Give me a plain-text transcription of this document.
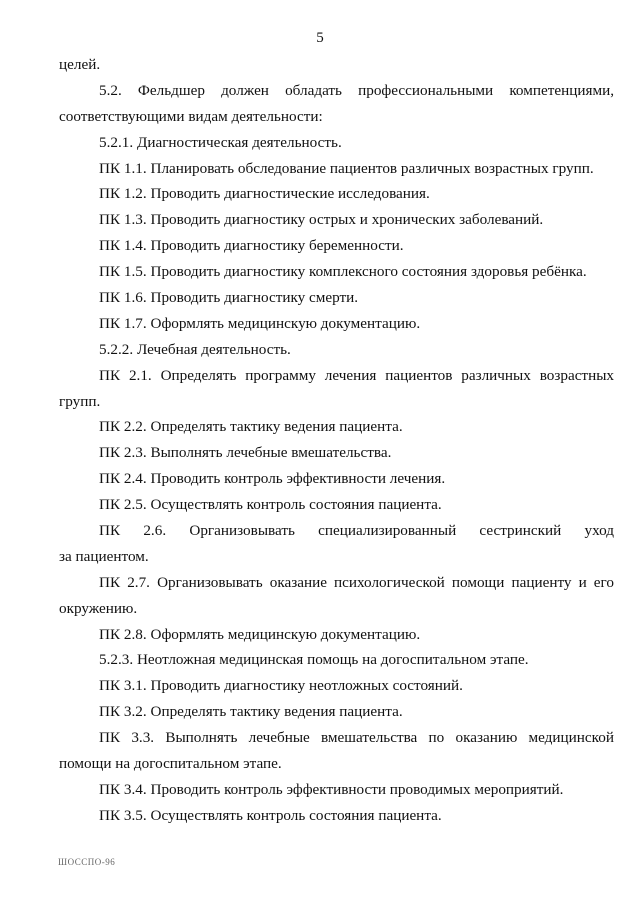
5
целей.
5.2. Фельдшер должен обладать профессиональными компетенциями,
соответствующими видам деятельности:
5.2.1. Диагностическая деятельность.
ПК 1.1. Планировать обследование пациентов различных возрастных групп.
ПК 1.2. Проводить диагностические исследования.
ПК 1.3. Проводить диагностику острых и хронических заболеваний.
ПК 1.4. Проводить диагностику беременности.
ПК 1.5. Проводить диагностику комплексного состояния здоровья ребёнка.
ПК 1.6. Проводить диагностику смерти.
ПК 1.7. Оформлять медицинскую документацию.
5.2.2. Лечебная деятельность.
ПК 2.1. Определять программу лечения пациентов различных возрастных
групп.
ПК 2.2. Определять тактику ведения пациента.
ПК 2.3. Выполнять лечебные вмешательства.
ПК 2.4. Проводить контроль эффективности лечения.
ПК 2.5. Осуществлять контроль состояния пациента.
ПК 2.6. Организовывать специализированный сестринский уход
за пациентом.
ПК 2.7. Организовывать оказание психологической помощи пациенту и его
окружению.
ПК 2.8. Оформлять медицинскую документацию.
5.2.3. Неотложная медицинская помощь на догоспитальном этапе.
ПК 3.1. Проводить диагностику неотложных состояний.
ПК 3.2. Определять тактику ведения пациента.
ПК 3.3. Выполнять лечебные вмешательства по оказанию медицинской
помощи на догоспитальном этапе.
ПК 3.4. Проводить контроль эффективности проводимых мероприятий.
ПК 3.5. Осуществлять контроль состояния пациента.
ШОССПО-96
